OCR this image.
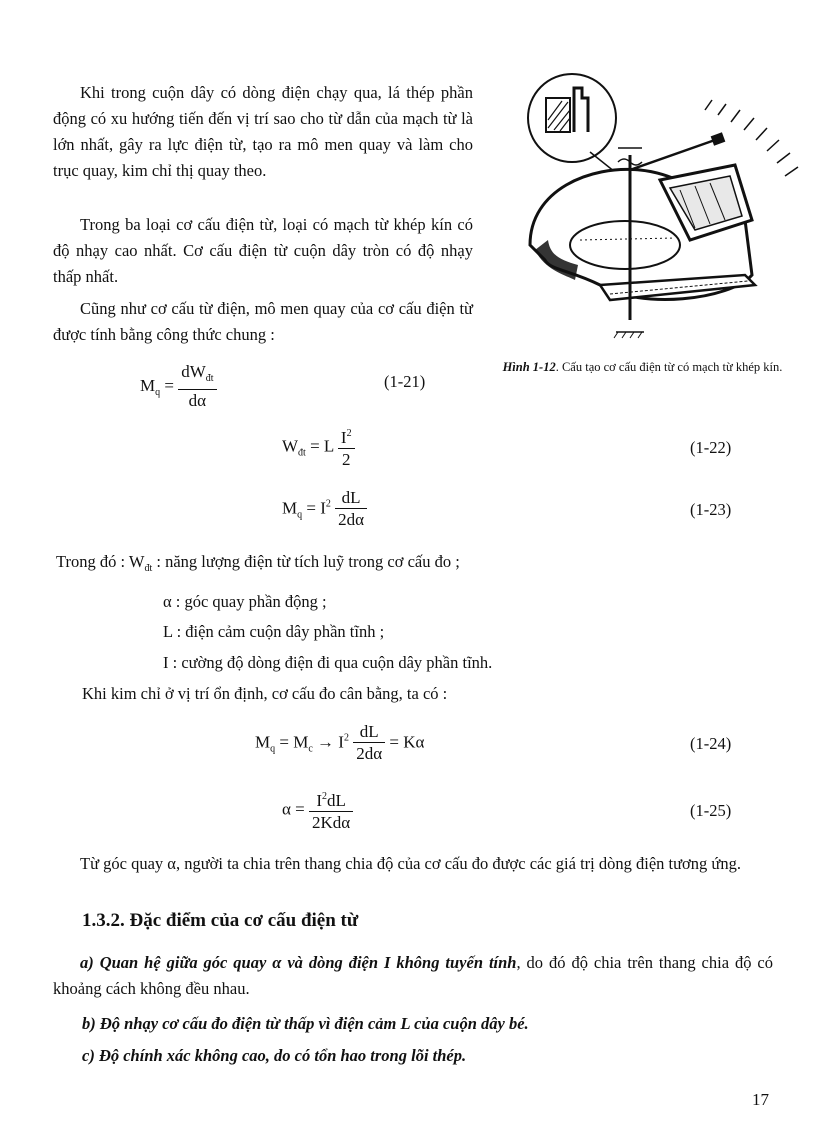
Khi trong cuộn dây có dòng điện chạy qua, lá thép phần động có xu hướng tiến đến vị trí sao cho từ dẫn của mạch từ là lớn nhất, gây ra lực điện từ, tạo ra mô men quay và làm cho trục quay, kim chỉ thị quay theo.

Trong ba loại cơ cấu điện từ, loại có mạch từ khép kín có độ nhạy cao nhất. Cơ cấu điện từ cuộn dây tròn có độ nhạy thấp nhất.

Cũng như cơ cấu từ điện, mô men quay của cơ cấu điện từ được tính bằng công thức chung :

Hình 1-12. Cấu tạo cơ cấu điện từ có mạch từ khép kín.
$M_q = \frac{dW_{đt}}{d\alpha}$	(1-21)
$W_{đt} = L \frac{I^2}{2}$	(1-22)
$M_q = I^2 \frac{dL}{2d\alpha}$	(1-23)
Trong đó : $W_{đt}$ : năng lượng điện từ tích luỹ trong cơ cấu đo ;
α : góc quay phần động ;
L : điện cảm cuộn dây phần tĩnh ;
I : cường độ dòng điện đi qua cuộn dây phần tĩnh.
Khi kim chỉ ở vị trí ổn định, cơ cấu đo cân bằng, ta có :
$M_q = M_c \to I^2 \frac{dL}{2d\alpha} = K\alpha$	(1-24)
$\alpha = \frac{I^2dL}{\text{2Kdα}}$	(1-25)

Từ góc quay α, người ta chia trên thang chia độ của cơ cấu đo được các giá trị dòng điện tương ứng.

1.3.2. Đặc điểm của cơ cấu điện từ

a) Quan hệ giữa góc quay α và dòng điện I không tuyến tính, do đó độ chia trên thang chia độ có khoảng cách không đều nhau.

b) Độ nhạy cơ cấu đo điện từ thấp vì điện cảm L của cuộn dây bé.
c) Độ chính xác không cao, do có tổn hao trong lõi thép.
17
